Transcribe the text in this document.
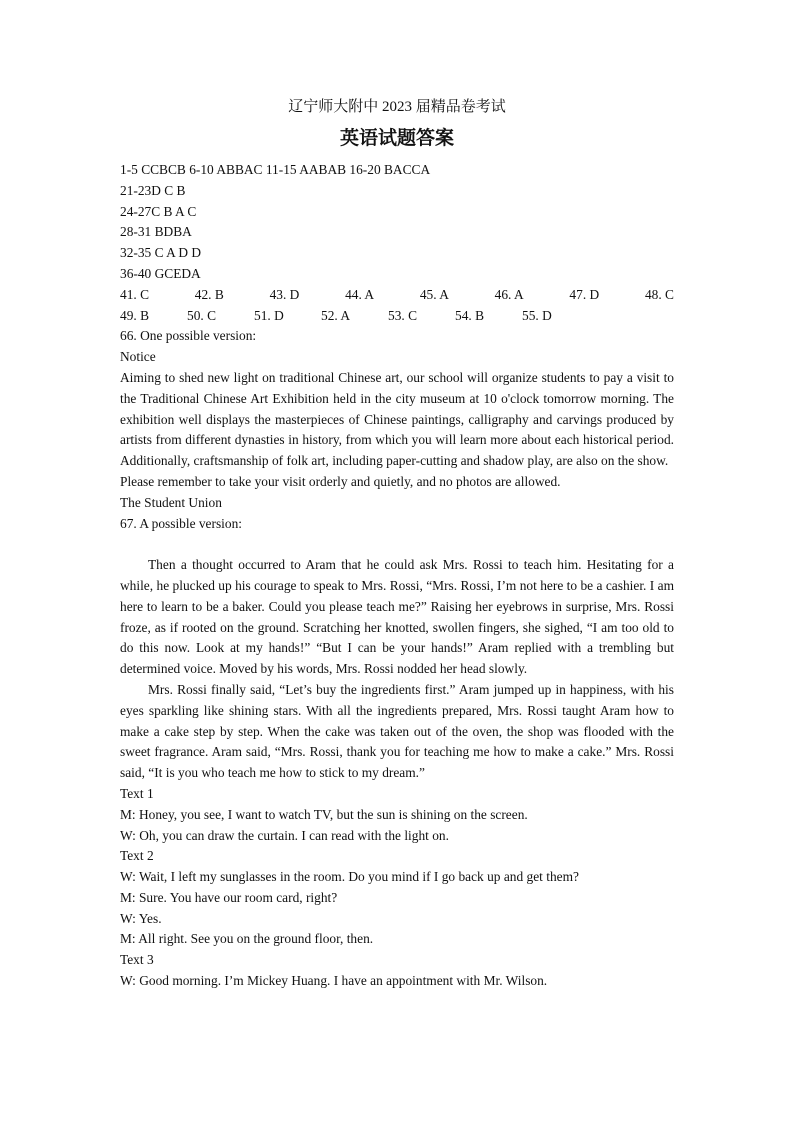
辽宁师大附中 2023 届精品卷考试
英语试题答案
1-5 CCBCB 6-10 ABBAC 11-15 AABAB 16-20 BACCA
21-23D C B
24-27C B A C
28-31 BDBA
32-35 C A D D
36-40 GCEDA
41. C	42. B	43. D	44. A	45. A	46. A	47. D	48. C
49. B	50. C	51. D	52. A	53. C	54. B	55. D
66. One possible version:
Notice
Aiming to shed new light on traditional Chinese art, our school will organize students to pay a visit to the Traditional Chinese Art Exhibition held in the city museum at 10 o'clock tomorrow morning. The exhibition well displays the masterpieces of Chinese paintings, calligraphy and carvings produced by artists from different dynasties in history, from which you will learn more about each historical period. Additionally, craftsmanship of folk art, including paper-cutting and shadow play, are also on the show.
Please remember to take your visit orderly and quietly, and no photos are allowed.
The Student Union
67. A possible version:
Then a thought occurred to Aram that he could ask Mrs. Rossi to teach him. Hesitating for a while, he plucked up his courage to speak to Mrs. Rossi, “Mrs. Rossi, I’m not here to be a cashier. I am here to learn to be a baker. Could you please teach me?” Raising her eyebrows in surprise, Mrs. Rossi froze, as if rooted on the ground. Scratching her knotted, swollen fingers, she sighed, “I am too old to do this now. Look at my hands!” “But I can be your hands!” Aram replied with a trembling but determined voice. Moved by his words, Mrs. Rossi nodded her head slowly.
Mrs. Rossi finally said, “Let’s buy the ingredients first.” Aram jumped up in happiness, with his eyes sparkling like shining stars. With all the ingredients prepared, Mrs. Rossi taught Aram how to make a cake step by step. When the cake was taken out of the oven, the shop was flooded with the sweet fragrance. Aram said, “Mrs. Rossi, thank you for teaching me how to make a cake.” Mrs. Rossi said, “It is you who teach me how to stick to my dream.”
Text 1
M: Honey, you see, I want to watch TV, but the sun is shining on the screen.
W: Oh, you can draw the curtain. I can read with the light on.
Text 2
W: Wait, I left my sunglasses in the room. Do you mind if I go back up and get them?
M: Sure. You have our room card, right?
W: Yes.
M: All right. See you on the ground floor, then.
Text 3
W: Good morning. I’m Mickey Huang. I have an appointment with Mr. Wilson.
